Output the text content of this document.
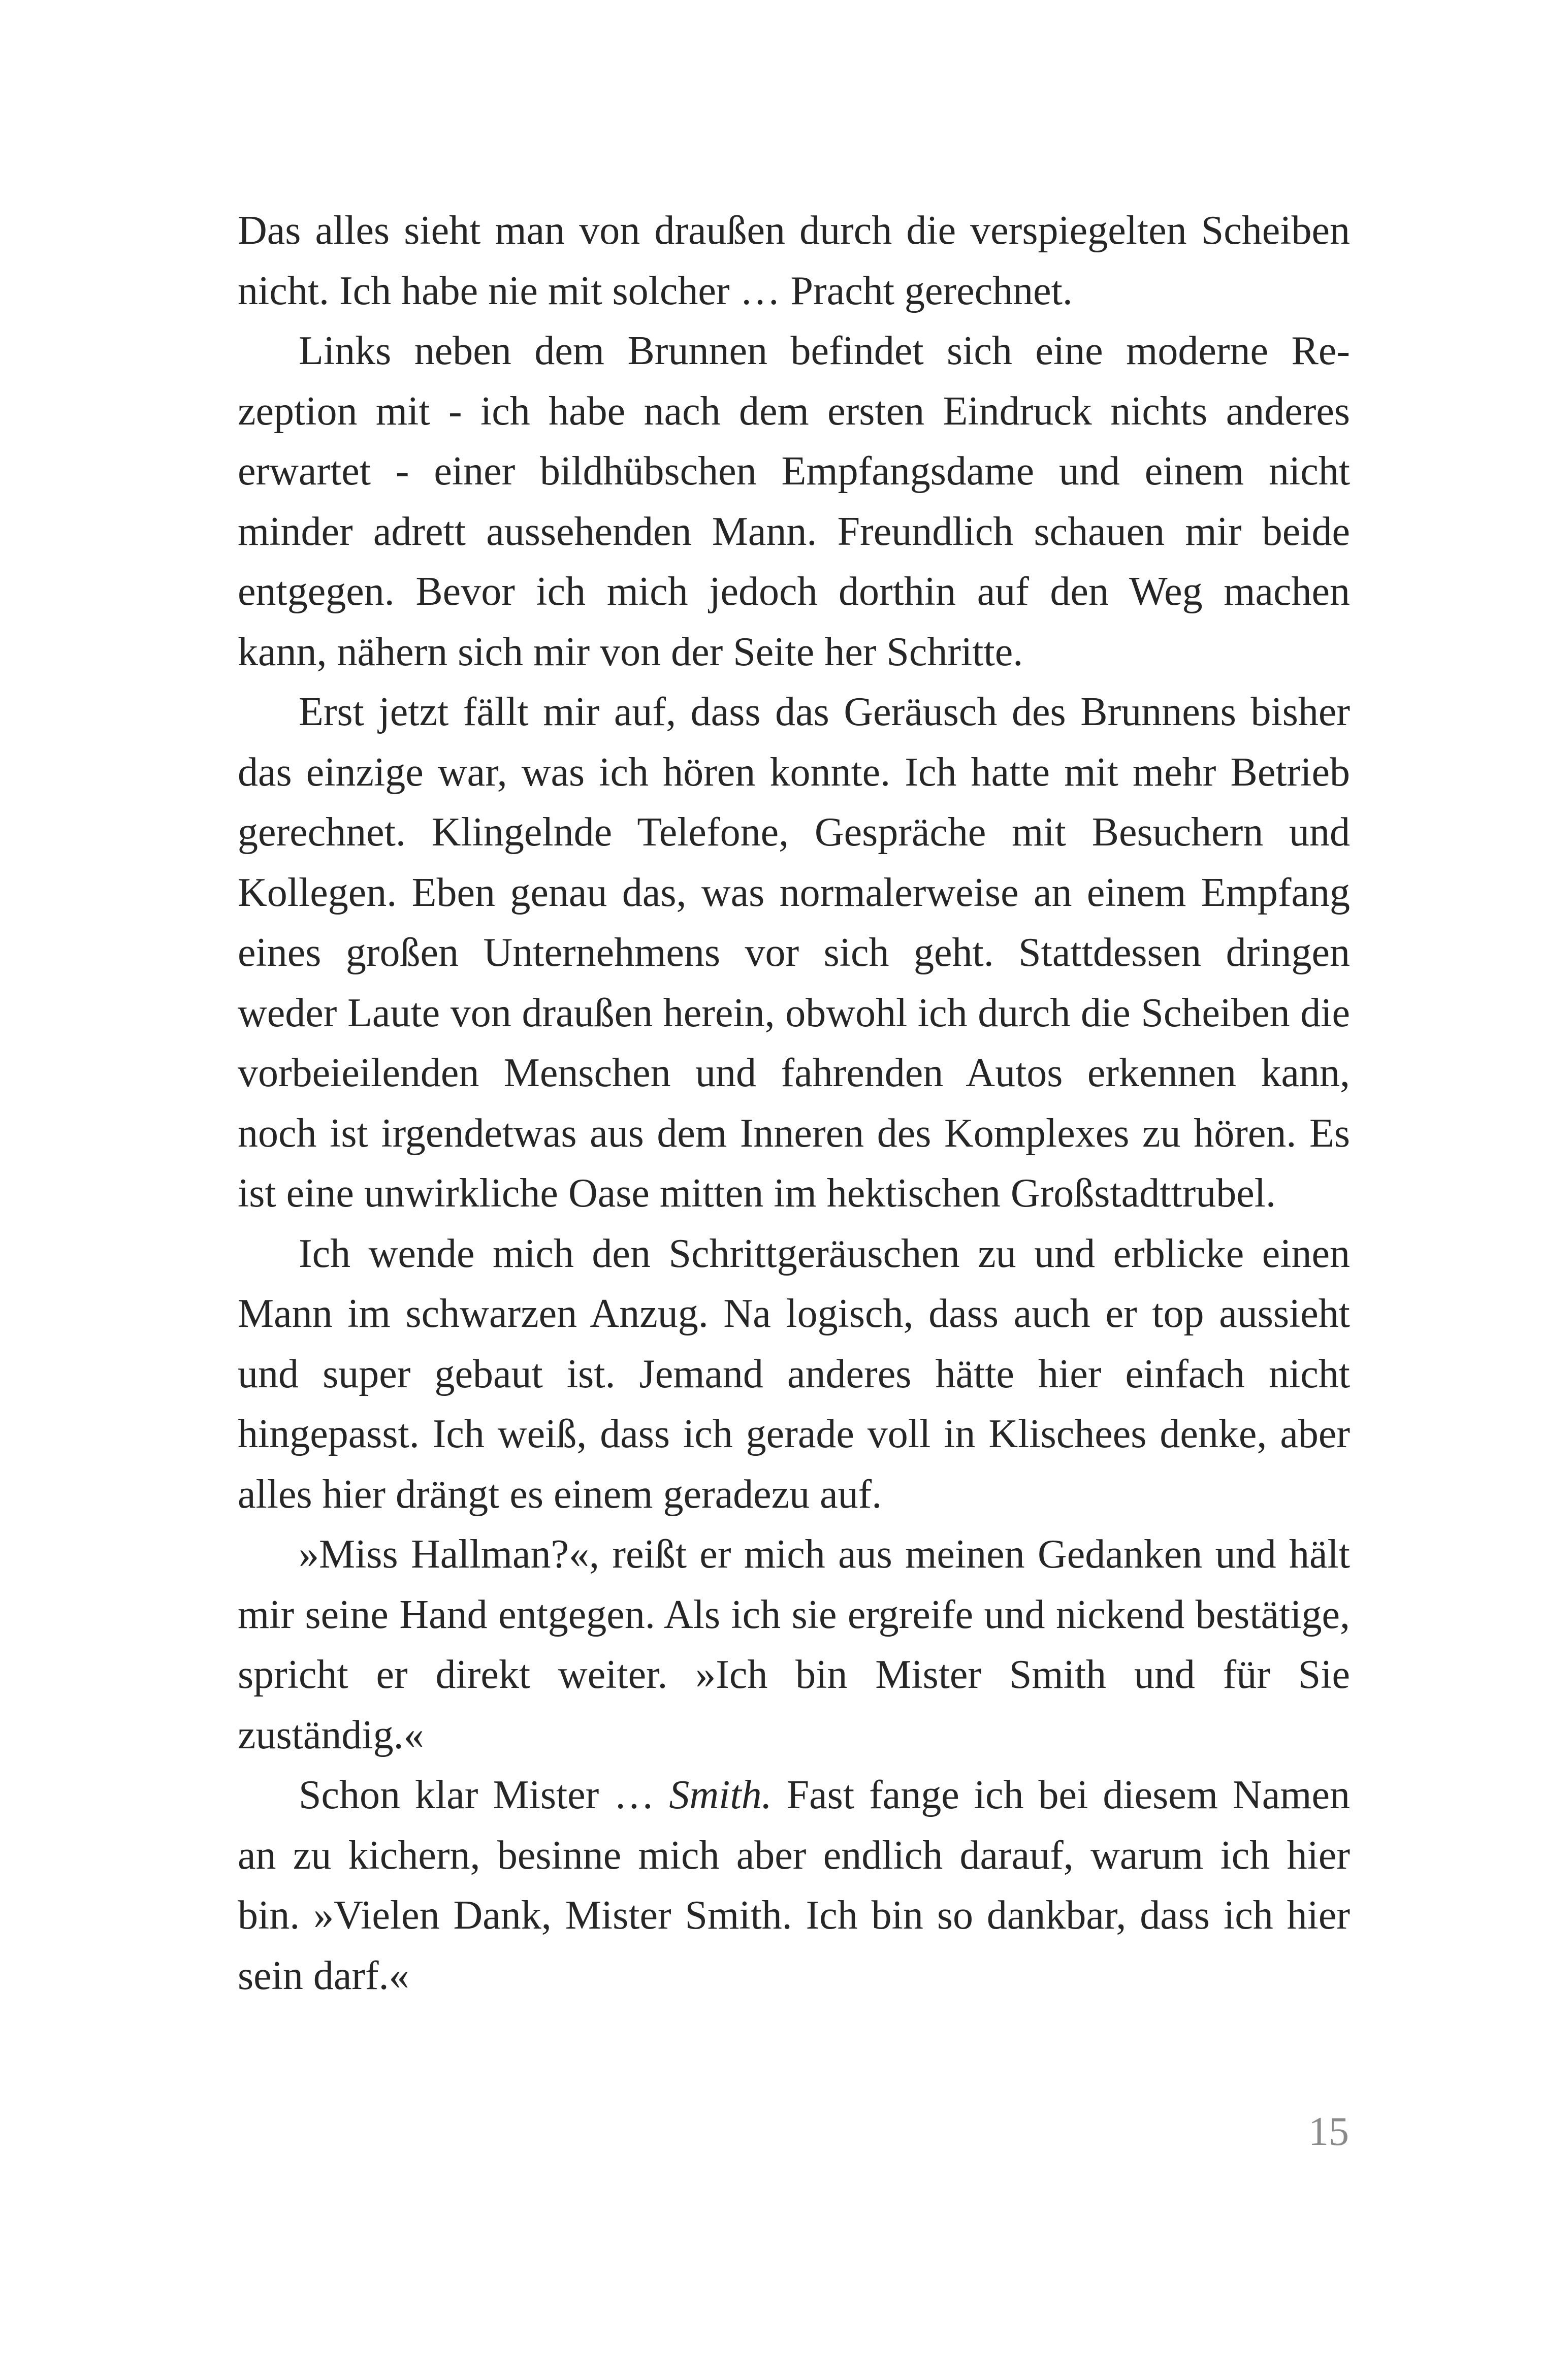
Das alles sieht man von draußen durch die verspiegelten Scheiben nicht. Ich habe nie mit solcher … Pracht gerechnet.

Links neben dem Brunnen befindet sich eine moderne Rezeption mit - ich habe nach dem ersten Eindruck nichts anderes erwartet - einer bildhübschen Empfangsdame und einem nicht minder adrett aussehenden Mann. Freundlich schauen mir beide entgegen. Bevor ich mich jedoch dorthin auf den Weg machen kann, nähern sich mir von der Seite her Schritte.

Erst jetzt fällt mir auf, dass das Geräusch des Brunnens bisher das einzige war, was ich hören konnte. Ich hatte mit mehr Betrieb gerechnet. Klingelnde Telefone, Gespräche mit Besuchern und Kollegen. Eben genau das, was normalerweise an einem Empfang eines großen Unternehmens vor sich geht. Stattdessen dringen weder Laute von draußen herein, obwohl ich durch die Scheiben die vorbeieilenden Menschen und fahrenden Autos erkennen kann, noch ist irgendetwas aus dem Inneren des Komplexes zu hören. Es ist eine unwirkliche Oase mitten im hektischen Großstadttrubel.

Ich wende mich den Schrittgeräuschen zu und erblicke einen Mann im schwarzen Anzug. Na logisch, dass auch er top aussieht und super gebaut ist. Jemand anderes hätte hier einfach nicht hingepasst. Ich weiß, dass ich gerade voll in Klischees denke, aber alles hier drängt es einem geradezu auf.

»Miss Hallman?«, reißt er mich aus meinen Gedanken und hält mir seine Hand entgegen. Als ich sie ergreife und nickend bestätige, spricht er direkt weiter. »Ich bin Mister Smith und für Sie zuständig.«

Schon klar Mister … Smith. Fast fange ich bei diesem Namen an zu kichern, besinne mich aber endlich darauf, warum ich hier bin. »Vielen Dank, Mister Smith. Ich bin so dankbar, dass ich hier sein darf.«

15
